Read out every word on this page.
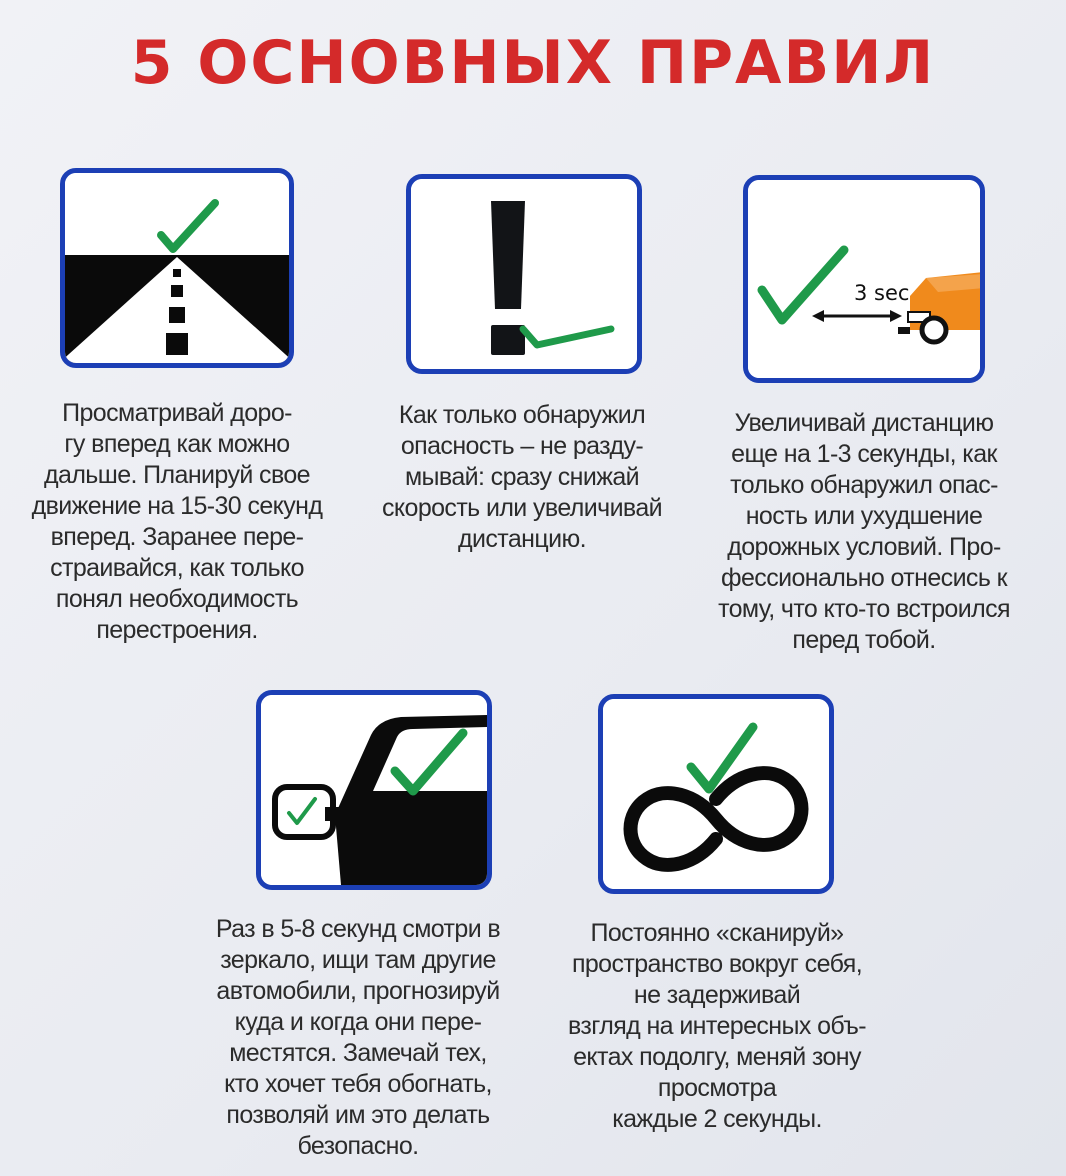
5 ОСНОВНЫХ ПРАВИЛ
Просматривай доро-
гу вперед как можно
дальше. Планируй свое
движение на 15-30 секунд
вперед. Заранее пере-
страивайся, как только
понял необходимость
перестроения.
Как только обнаружил
опасность – не разду-
мывай: сразу снижай
скорость или увеличивай
дистанцию.
3 sec
Увеличивай дистанцию
еще на 1-3 секунды, как
только обнаружил опас-
ность или ухудшение
дорожных условий. Про-
фессионально отнесись к
тому, что кто-то встроился
перед тобой.
Раз в 5-8 секунд смотри в
зеркало, ищи там другие
автомобили, прогнозируй
куда и когда они пере-
местятся. Замечай тех,
кто хочет тебя обогнать,
позволяй им это делать
безопасно.
Постоянно «сканируй»
пространство вокруг себя,
не задерживай
взгляд на интересных объ-
ектах подолгу, меняй зону
просмотра
каждые 2 секунды.
